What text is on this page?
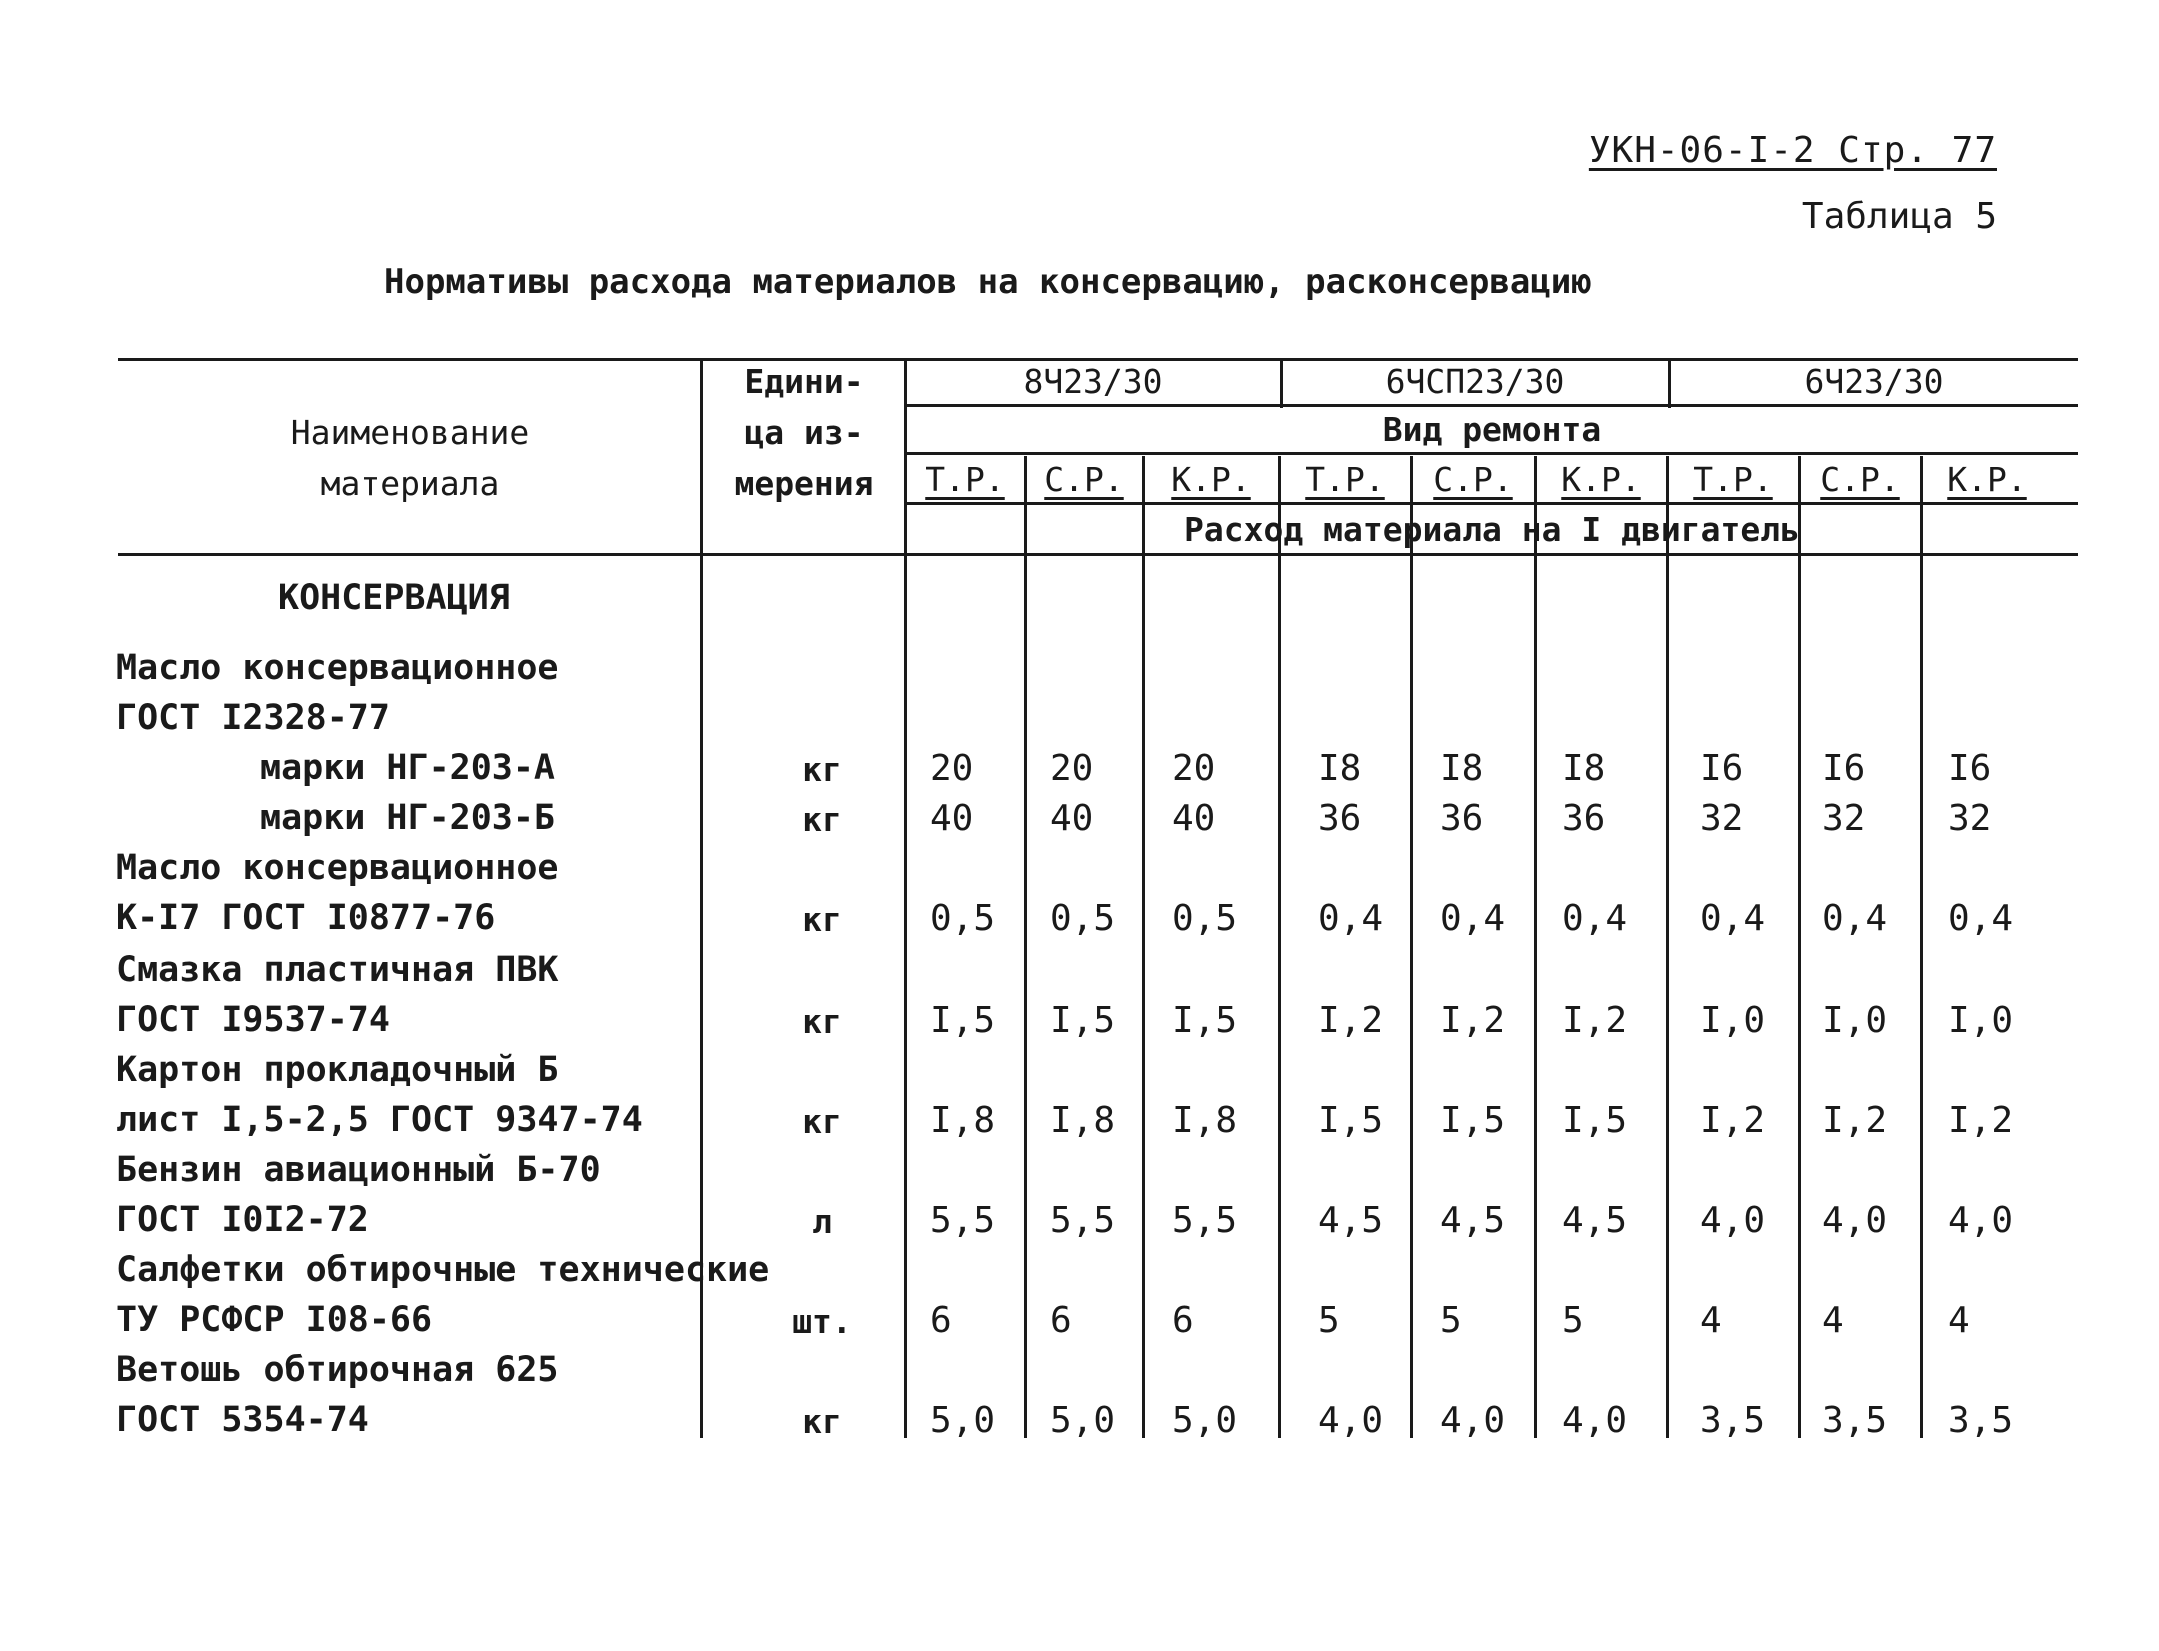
УКН-06-I-2 Стр. 77
Таблица 5
Нормативы расхода материалов на консервацию, расконсервацию
Наименование
материала
Едини-
ца из-
мерения
8Ч23/30	6ЧСП23/30	6Ч23/30
Вид ремонта
Т.Р.	С.Р.	К.Р.	Т.Р.	С.Р.	К.Р.	Т.Р.	С.Р.	К.Р.
Расход материала на I двигатель
КОНСЕРВАЦИЯ
Масло консервационное
ГОСТ I2328-77
марки НГ-203-А	кг	20 20 20	I8 I8 I8	I6 I6 I6
марки НГ-203-Б	кг	40 40 40	36 36 36	32 32 32
Масло консервационное
К-I7 ГОСТ I0877-76	кг	0,5 0,5 0,5 0,4 0,4 0,4 0,4 0,4 0,4
Смазка пластичная ПВК
ГОСТ I9537-74	кг	I,5 I,5 I,5 I,2 I,2 I,2 I,0 I,0 I,0
Картон прокладочный Б
лист I,5-2,5 ГОСТ 9347-74	кг	I,8 I,8 I,8 I,5 I,5 I,5 I,2 I,2 I,2
Бензин авиационный Б-70
ГОСТ I0I2-72	л	5,5 5,5 5,5 4,5 4,5 4,5 4,0 4,0 4,0
Салфетки обтирочные технические
ТУ РСФСР I08-66	шт.	6	6	6	5	5	5	4	4	4
Ветошь обтирочная 625
ГОСТ 5354-74	кг	5,0 5,0 5,0 4,0 4,0 4,0 3,5 3,5 3,5
